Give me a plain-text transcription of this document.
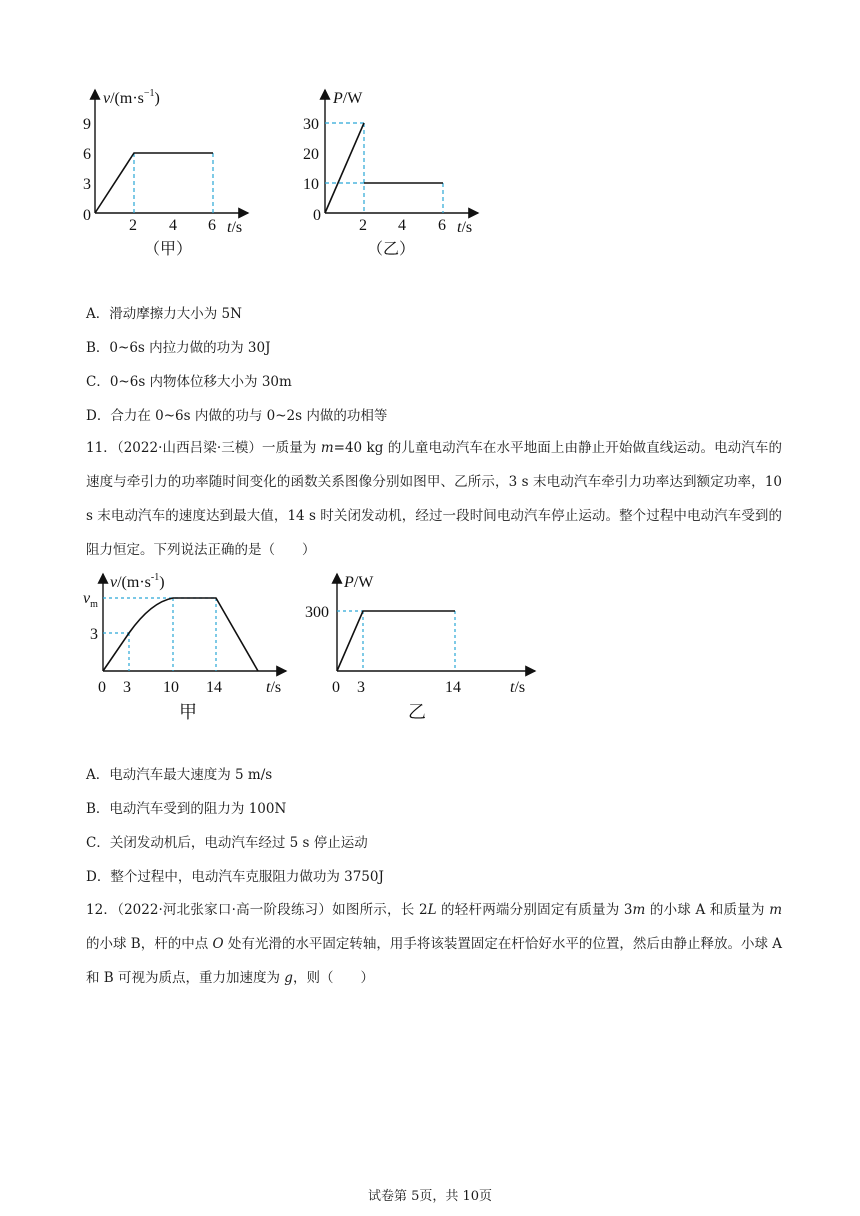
$v/(m\cdot s^{-1})$
9
6
3
0
2 4 6 t/s
（甲）
P/W
30
20
10
0
2 4 6 t/s
（乙）
A．滑动摩擦力大小为 5N
B．0~6s 内拉力做的功为 30J
C．0~6s 内物体位移大小为 30m
D．合力在 0~6s 内做的功与 0~2s 内做的功相等
11．（2022·山西吕梁·三模）一质量为 m=40 kg 的儿童电动汽车在水平地面上由静止开始做直线运动。电动汽车的速度与牵引力的功率随时间变化的函数关系图像分别如图甲、乙所示，3 s 末电动汽车牵引力功率达到额定功率，10 s 末电动汽车的速度达到最大值，14 s 时关闭发动机，经过一段时间电动汽车停止运动。整个过程中电动汽车受到的阻力恒定。下列说法正确的是（　　）
$v/(m\cdot s^{-1})$
$v_m$
3
0 3 10 14	t/s
甲
P/W
300
0 3	14	t/s
乙
A．电动汽车最大速度为 5 m/s
B．电动汽车受到的阻力为 100N
C．关闭发动机后，电动汽车经过 5 s 停止运动
D．整个过程中，电动汽车克服阻力做功为 3750J
12．（2022·河北张家口·高一阶段练习）如图所示，长 2L 的轻杆两端分别固定有质量为 3m 的小球 A 和质量为 m 的小球 B，杆的中点 O 处有光滑的水平固定转轴，用手将该装置固定在杆恰好水平的位置，然后由静止释放。小球 A 和 B 可视为质点，重力加速度为 g，则（　　）
试卷第 5页，共 10页
